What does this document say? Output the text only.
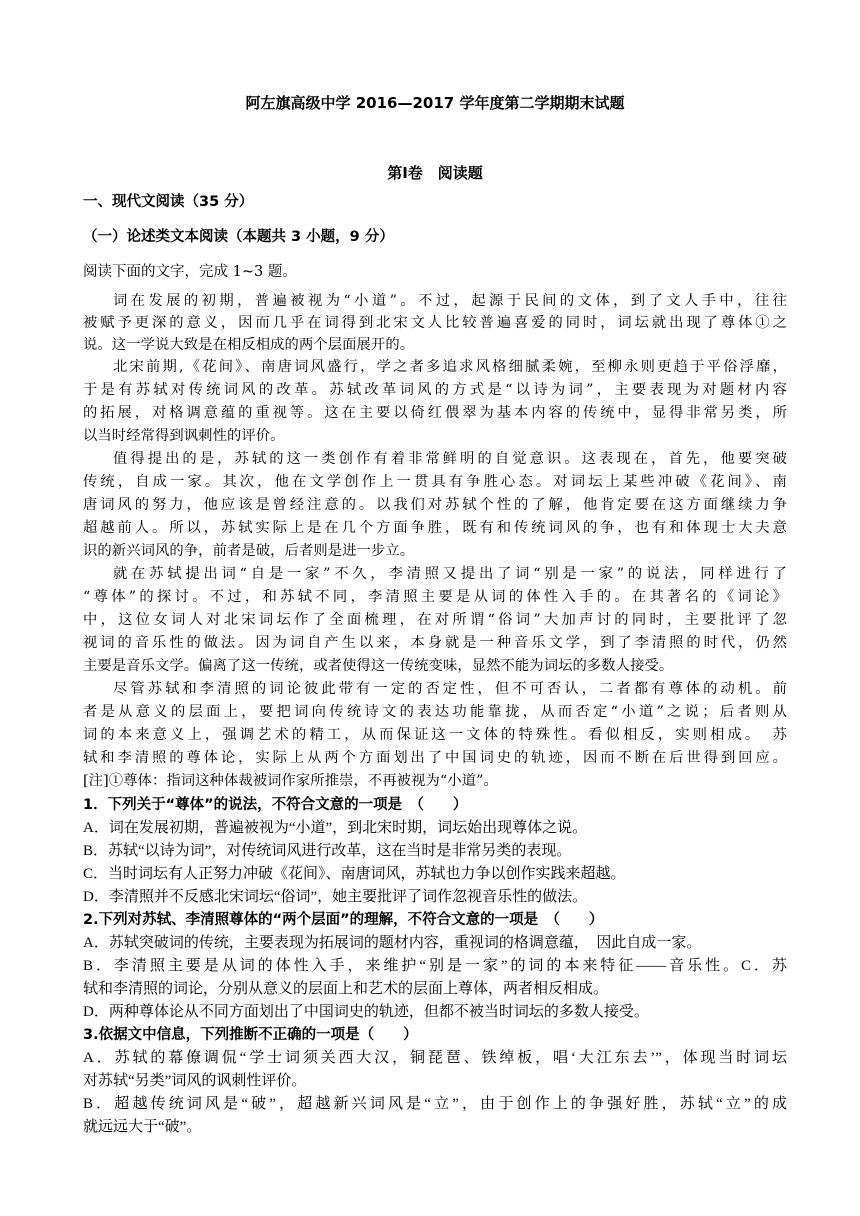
阿左旗高级中学 2016—2017 学年度第二学期期末试题
第Ⅰ卷　阅读题
一、现代文阅读（35 分）
（一）论述类文本阅读（本题共 3 小题，9 分）
阅读下面的文字，完成 1~3 题。
词在发展的初期，普遍被视为“小道”。不过，起源于民间的文体，到了文人手中，往往
被赋予更深的意义，因而几乎在词得到北宋文人比较普遍喜爱的同时，词坛就出现了尊体①之
说。这一学说大致是在相反相成的两个层面展开的。
北宋前期,《花间》、南唐词风盛行，学之者多追求风格细腻柔婉，至柳永则更趋于平俗浮靡，
于是有苏轼对传统词风的改革。苏轼改革词风的方式是“以诗为词”，主要表现为对题材内容
的拓展，对格调意蕴的重视等。这在主要以倚红偎翠为基本内容的传统中，显得非常另类，所
以当时经常得到讽刺性的评价。
值得提出的是，苏轼的这一类创作有着非常鲜明的自觉意识。这表现在，首先，他要突破
传统，自成一家。其次，他在文学创作上一贯具有争胜心态。对词坛上某些冲破《花间》、南
唐词风的努力，他应该是曾经注意的。以我们对苏轼个性的了解，他肯定要在这方面继续力争
超越前人。所以，苏轼实际上是在几个方面争胜，既有和传统词风的争，也有和体现士大夫意
识的新兴词风的争，前者是破，后者则是进一步立。
就在苏轼提出词“自是一家”不久，李清照又提出了词“别是一家”的说法，同样进行了
“尊体”的探讨。不过，和苏轼不同，李清照主要是从词的体性入手的。在其著名的《词论》
中，这位女词人对北宋词坛作了全面梳理，在对所谓“俗词”大加声讨的同时，主要批评了忽
视词的音乐性的做法。因为词自产生以来，本身就是一种音乐文学，到了李清照的时代，仍然
主要是音乐文学。偏离了这一传统，或者使得这一传统变味，显然不能为词坛的多数人接受。
尽管苏轼和李清照的词论彼此带有一定的否定性，但不可否认，二者都有尊体的动机。前
者是从意义的层面上，要把词向传统诗文的表达功能靠拢，从而否定“小道”之说；后者则从
词的本来意义上，强调艺术的精工，从而保证这一文体的特殊性。看似相反，实则相成。　苏
轼和李清照的尊体论，实际上从两个方面划出了中国词史的轨迹，因而不断在后世得到回应。
[注]①尊体：指词这种体裁被词作家所推崇，不再被视为“小道”。
1．下列关于“尊体”的说法，不符合文意的一项是　（　　）
A．词在发展初期，普遍被视为“小道”，到北宋时期，词坛始出现尊体之说。
B．苏轼“以诗为词”，对传统词风进行改革，这在当时是非常另类的表现。
C．当时词坛有人正努力冲破《花间》、南唐词风，苏轼也力争以创作实践来超越。
D．李清照并不反感北宋词坛“俗词”，她主要批评了词作忽视音乐性的做法。
2.下列对苏轼、李清照尊体的“两个层面”的理解，不符合文意的一项是　（　　）
A．苏轼突破词的传统，主要表现为拓展词的题材内容，重视词的格调意蕴，　因此自成一家。
B．李清照主要是从词的体性入手，来维护“别是一家”的词的本来特征——音乐性。C．苏
轼和李清照的词论，分别从意义的层面上和艺术的层面上尊体，两者相反相成。
D．两种尊体论从不同方面划出了中国词史的轨迹，但都不被当时词坛的多数人接受。
3.依据文中信息，下列推断不正确的一项是（　　）
A．苏轼的幕僚调侃“学士词须关西大汉，铜琵琶、铁绰板，唱‘大江东去’”，体现当时词坛
对苏轼“另类”词风的讽刺性评价。
B．超越传统词风是“破”，超越新兴词风是“立”，由于创作上的争强好胜，苏轼“立”的成
就远远大于“破”。
